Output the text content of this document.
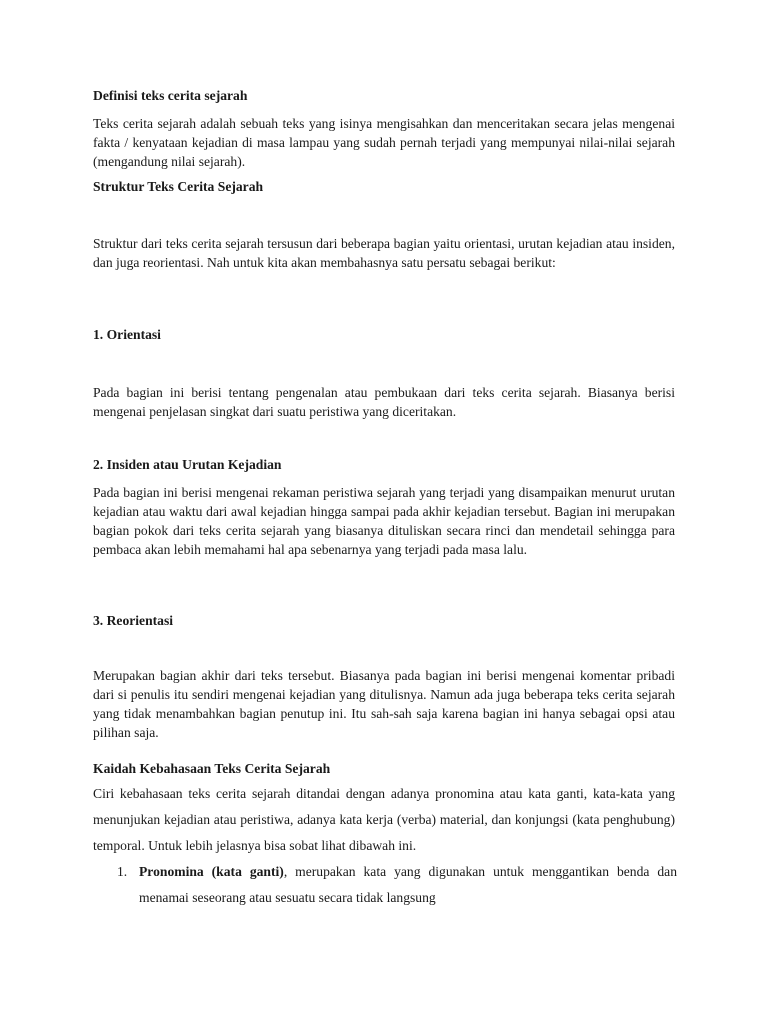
Definisi teks cerita sejarah

Teks cerita sejarah adalah sebuah teks yang isinya mengisahkan dan menceritakan secara jelas mengenai fakta / kenyataan kejadian di masa lampau yang sudah pernah terjadi yang mempunyai nilai-nilai sejarah (mengandung nilai sejarah).

Struktur Teks Cerita Sejarah

Struktur dari teks cerita sejarah tersusun dari beberapa bagian yaitu orientasi, urutan kejadian atau insiden, dan juga reorientasi. Nah untuk kita akan membahasnya satu persatu sebagai berikut:

1. Orientasi

Pada bagian ini berisi tentang pengenalan atau pembukaan dari teks cerita sejarah. Biasanya berisi mengenai penjelasan singkat dari suatu peristiwa yang diceritakan.

2. Insiden atau Urutan Kejadian

Pada bagian ini berisi mengenai rekaman peristiwa sejarah yang terjadi yang disampaikan menurut urutan kejadian atau waktu dari awal kejadian hingga sampai pada akhir kejadian tersebut. Bagian ini merupakan bagian pokok dari teks cerita sejarah yang biasanya dituliskan secara rinci dan mendetail sehingga para pembaca akan lebih memahami hal apa sebenarnya yang terjadi pada masa lalu.

3. Reorientasi

Merupakan bagian akhir dari teks tersebut. Biasanya pada bagian ini berisi mengenai komentar pribadi dari si penulis itu sendiri mengenai kejadian yang ditulisnya. Namun ada juga beberapa teks cerita sejarah yang tidak menambahkan bagian penutup ini. Itu sah-sah saja karena bagian ini hanya sebagai opsi atau pilihan saja.

Kaidah Kebahasaan Teks Cerita Sejarah

Ciri kebahasaan teks cerita sejarah ditandai dengan adanya pronomina atau kata ganti, kata-kata yang menunjukan kejadian atau peristiwa, adanya kata kerja (verba) material, dan konjungsi (kata penghubung) temporal. Untuk lebih jelasnya bisa sobat lihat dibawah ini.

1. Pronomina (kata ganti), merupakan kata yang digunakan untuk menggantikan benda dan menamai seseorang atau sesuatu secara tidak langsung
